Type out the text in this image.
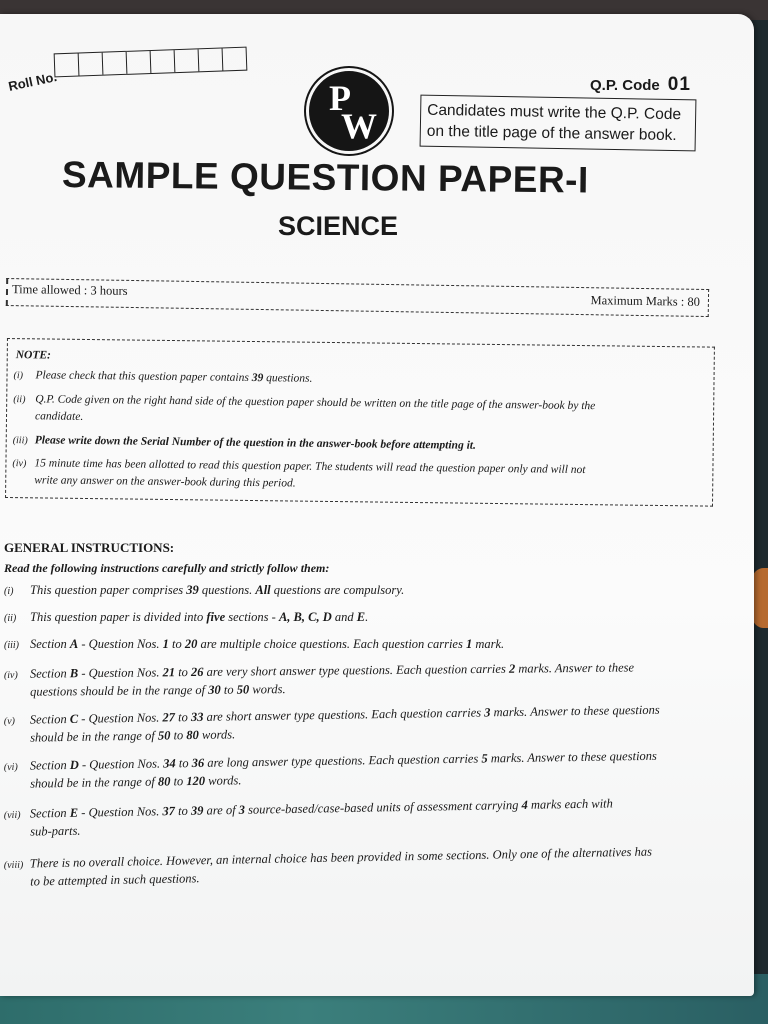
Roll No.	Q.P. Code 01
P
W	Candidates must write the Q.P. Code
on the title page of the answer book.
SAMPLE QUESTION PAPER-I
SCIENCE
Time allowed : 3 hours
Maximum Marks : 80
NOTE:
(i) Please check that this question paper contains 39 questions.
(ii) Q.P. Code given on the right hand side of the question paper should be written on the title page of the answer-book by the
candidate.
(iii) Please write down the Serial Number of the question in the answer-book before attempting it.
(iv) 15 minute time has been allotted to read this question paper. The students will read the question paper only and will not
write any answer on the answer-book during this period.
GENERAL INSTRUCTIONS:
Read the following instructions carefully and strictly follow them:
(i) This question paper comprises 39 questions. All questions are compulsory.
(ii) This question paper is divided into five sections - A, B, C, D and E.
(iii) Section A - Question Nos. 1 to 20 are multiple choice questions. Each question carries 1 mark.
(iv) Section B - Question Nos. 21 to 26 are very short answer type questions. Each question carries 2 marks. Answer to these
questions should be in the range of 30 to 50 words.
(v) Section C - Question Nos. 27 to 33 are short answer type questions. Each question carries 3 marks. Answer to these questions
should be in the range of 50 to 80 words.
(vi) Section D - Question Nos. 34 to 36 are long answer type questions. Each question carries 5 marks. Answer to these questions
should be in the range of 80 to 120 words.
(vii) Section E - Question Nos. 37 to 39 are of 3 source-based/case-based units of assessment carrying 4 marks each with
sub-parts.
(viii) There is no overall choice. However, an internal choice has been provided in some sections. Only one of the alternatives has
to be attempted in such questions.
